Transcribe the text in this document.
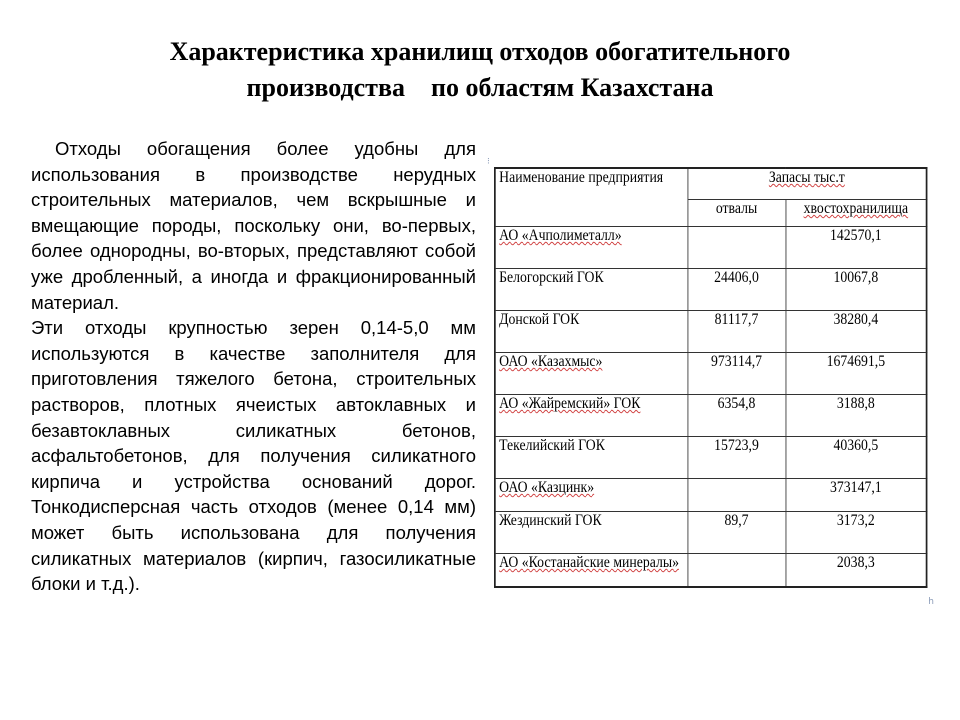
Характеристика хранилищ отходов обогатительного
производства    по областям Казахстана

Отходы обогащения более удобны для использования в производстве нерудных строительных материалов, чем вскрышные и вмещающие породы, поскольку они, во-первых, более однородны, во-вторых, представляют собой уже дробленный, а иногда и фракционированный материал.

Эти отходы крупностью зерен 0,14-5,0 мм используются в качестве заполнителя для приготовления тяжелого бетона, строительных растворов, плотных ячеистых автоклавных и безавтоклавных силикатных бетонов, асфальтобетонов, для получения силикатного кирпича и устройства оснований дорог. Тонкодисперсная часть отходов (менее 0,14 мм) может быть использована для получения силикатных материалов (кирпич, газосиликатные блоки и т.д.).

⁝
Наименование предприятия	Запасы тыс.т	
	отвалы	хвостохранилища
АО «Ачполиметалл»		142570,1
Белогорский ГОК	24406,0	10067,8
Донской ГОК	81117,7	38280,4
ОАО «Казахмыс»	973114,7	1674691,5
АО «Жайремский» ГОК	6354,8	3188,8
Текелийский ГОК	15723,9	40360,5
ОАО «Казцинк»		373147,1
Жездинский ГОК	89,7	3173,2
АО «Костанайские минералы»		2038,3
h
